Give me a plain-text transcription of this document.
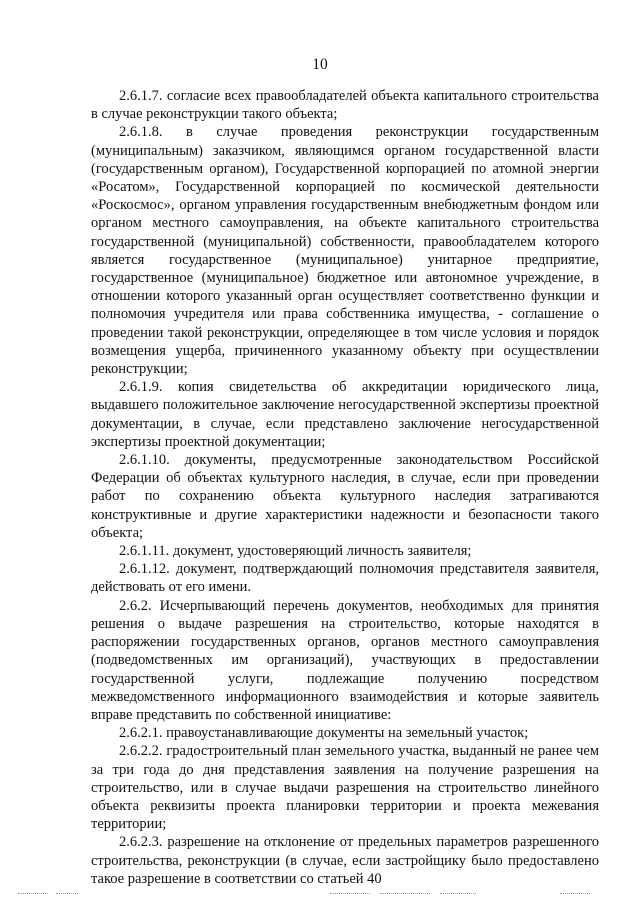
10

2.6.1.7. согласие всех правообладателей объекта капитального строительства в случае реконструкции такого объекта;

2.6.1.8. в случае проведения реконструкции государственным (муниципальным) заказчиком, являющимся органом государственной власти (государственным органом), Государственной корпорацией по атомной энергии «Росатом», Государственной корпорацией по космической деятельности «Роскосмос», органом управления государственным внебюджетным фондом или органом местного самоуправления, на объекте капитального строительства государственной (муниципальной) собственности, правообладателем которого является государственное (муниципальное) унитарное предприятие, государственное (муниципальное) бюджетное или автономное учреждение, в отношении которого указанный орган осуществляет соответственно функции и полномочия учредителя или права собственника имущества, - соглашение о проведении такой реконструкции, определяющее в том числе условия и порядок возмещения ущерба, причиненного указанному объекту при осуществлении реконструкции;

2.6.1.9. копия свидетельства об аккредитации юридического лица, выдавшего положительное заключение негосударственной экспертизы проектной документации, в случае, если представлено заключение негосударственной экспертизы проектной документации;

2.6.1.10. документы, предусмотренные законодательством Российской Федерации об объектах культурного наследия, в случае, если при проведении работ по сохранению объекта культурного наследия затрагиваются конструктивные и другие характеристики надежности и безопасности такого объекта;

2.6.1.11. документ, удостоверяющий личность заявителя;

2.6.1.12. документ, подтверждающий полномочия представителя заявителя, действовать от его имени.

2.6.2. Исчерпывающий перечень документов, необходимых для принятия решения о выдаче разрешения на строительство, которые находятся в распоряжении государственных органов, органов местного самоуправления (подведомственных им организаций), участвующих в предоставлении государственной услуги, подлежащие получению посредством межведомственного информационного взаимодействия и которые заявитель вправе представить по собственной инициативе:

2.6.2.1. правоустанавливающие документы на земельный участок;

2.6.2.2. градостроительный план земельного участка, выданный не ранее чем за три года до дня представления заявления на получение разрешения на строительство, или в случае выдачи разрешения на строительство линейного объекта реквизиты проекта планировки территории и проекта межевания территории;

2.6.2.3. разрешение на отклонение от предельных параметров разрешенного строительства, реконструкции (в случае, если застройщику было предоставлено такое разрешение в соответствии со статьей 40
